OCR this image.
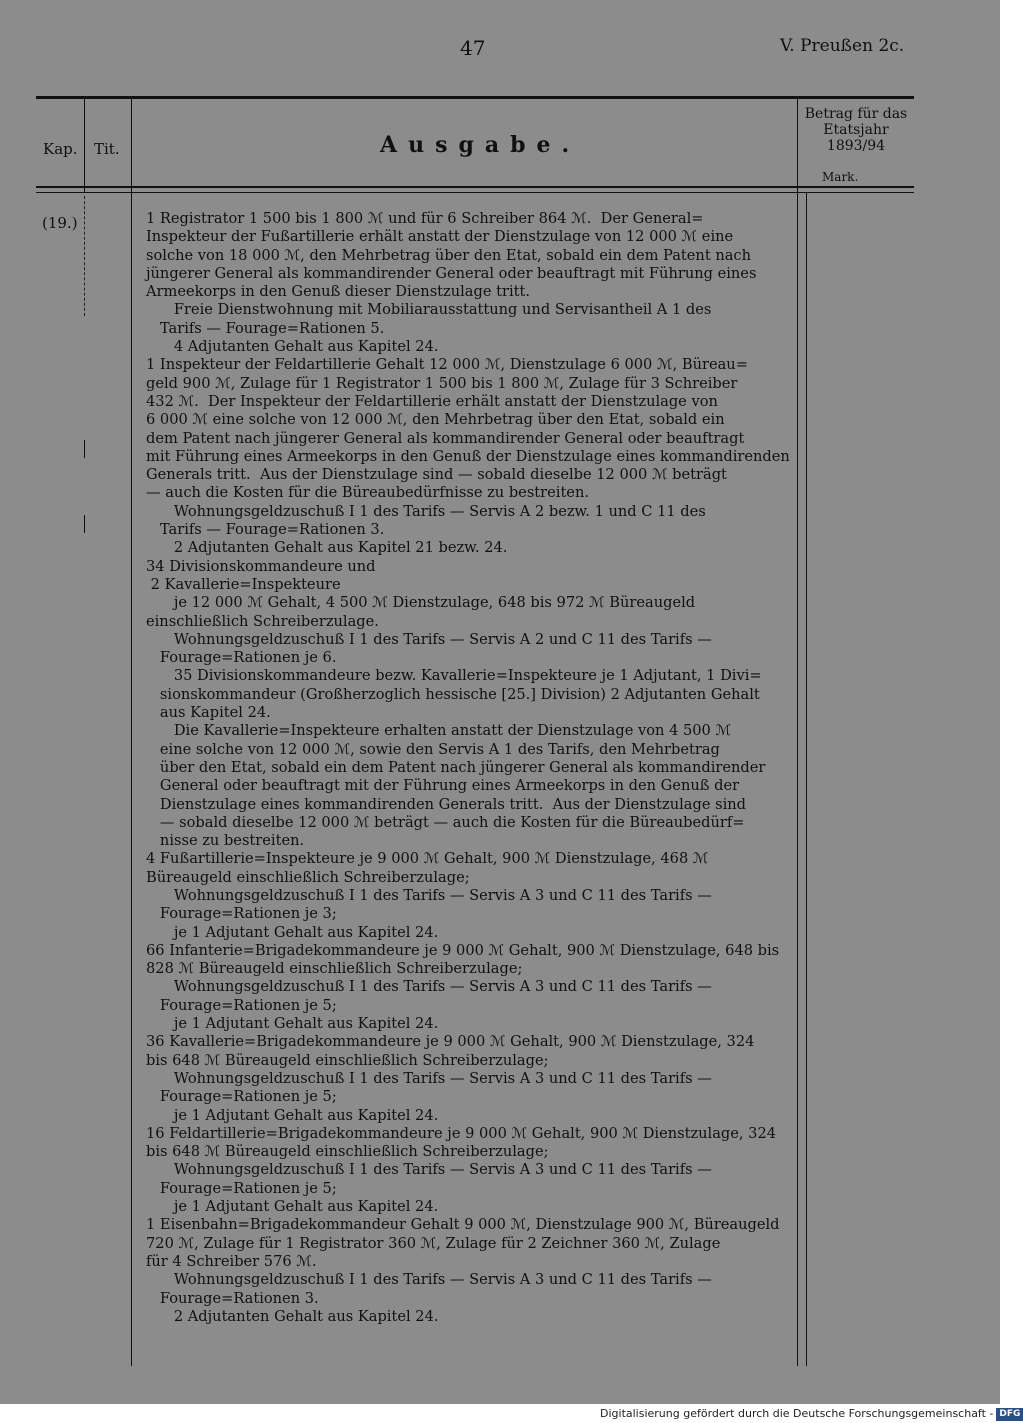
47	V. Preußen 2c.
Kap. Tit.	Ausgabe.
Betrag für das Etatsjahr 1893/94
Mark.
(19.)	1 Registrator 1 500 bis 1 800 ℳ und für 6 Schreiber 864 ℳ.  Der General=
Inspekteur der Fußartillerie erhält anstatt der Dienstzulage von 12 000 ℳ eine
solche von 18 000 ℳ, den Mehrbetrag über den Etat, sobald ein dem Patent nach
jüngerer General als kommandirender General oder beauftragt mit Führung eines
Armeekorps in den Genuß dieser Dienstzulage tritt.
Freie Dienstwohnung mit Mobiliarausstattung und Servisantheil A 1 des
Tarifs — Fourage=Rationen 5.
4 Adjutanten Gehalt aus Kapitel 24.
1 Inspekteur der Feldartillerie Gehalt 12 000 ℳ, Dienstzulage 6 000 ℳ, Büreau=
geld 900 ℳ, Zulage für 1 Registrator 1 500 bis 1 800 ℳ, Zulage für 3 Schreiber
432 ℳ.  Der Inspekteur der Feldartillerie erhält anstatt der Dienstzulage von
6 000 ℳ eine solche von 12 000 ℳ, den Mehrbetrag über den Etat, sobald ein
dem Patent nach jüngerer General als kommandirender General oder beauftragt
mit Führung eines Armeekorps in den Genuß der Dienstzulage eines kommandirenden
Generals tritt.  Aus der Dienstzulage sind — sobald dieselbe 12 000 ℳ beträgt
— auch die Kosten für die Büreaubedürfnisse zu bestreiten.
Wohnungsgeldzuschuß I 1 des Tarifs — Servis A 2 bezw. 1 und C 11 des
Tarifs — Fourage=Rationen 3.
2 Adjutanten Gehalt aus Kapitel 21 bezw. 24.
34 Divisionskommandeure und
2 Kavallerie=Inspekteure
je 12 000 ℳ Gehalt, 4 500 ℳ Dienstzulage, 648 bis 972 ℳ Büreaugeld
einschließlich Schreiberzulage.
Wohnungsgeldzuschuß I 1 des Tarifs — Servis A 2 und C 11 des Tarifs —
Fourage=Rationen je 6.
35 Divisionskommandeure bezw. Kavallerie=Inspekteure je 1 Adjutant, 1 Divi=
sionskommandeur (Großherzoglich hessische [25.] Division) 2 Adjutanten Gehalt
aus Kapitel 24.
Die Kavallerie=Inspekteure erhalten anstatt der Dienstzulage von 4 500 ℳ
eine solche von 12 000 ℳ, sowie den Servis A 1 des Tarifs, den Mehrbetrag
über den Etat, sobald ein dem Patent nach jüngerer General als kommandirender
General oder beauftragt mit der Führung eines Armeekorps in den Genuß der
Dienstzulage eines kommandirenden Generals tritt.  Aus der Dienstzulage sind
— sobald dieselbe 12 000 ℳ beträgt — auch die Kosten für die Büreaubedürf=
nisse zu bestreiten.
4 Fußartillerie=Inspekteure je 9 000 ℳ Gehalt, 900 ℳ Dienstzulage, 468 ℳ
Büreaugeld einschließlich Schreiberzulage;
Wohnungsgeldzuschuß I 1 des Tarifs — Servis A 3 und C 11 des Tarifs —
Fourage=Rationen je 3;
je 1 Adjutant Gehalt aus Kapitel 24.
66 Infanterie=Brigadekommandeure je 9 000 ℳ Gehalt, 900 ℳ Dienstzulage, 648 bis
828 ℳ Büreaugeld einschließlich Schreiberzulage;
Wohnungsgeldzuschuß I 1 des Tarifs — Servis A 3 und C 11 des Tarifs —
Fourage=Rationen je 5;
je 1 Adjutant Gehalt aus Kapitel 24.
36 Kavallerie=Brigadekommandeure je 9 000 ℳ Gehalt, 900 ℳ Dienstzulage, 324
bis 648 ℳ Büreaugeld einschließlich Schreiberzulage;
Wohnungsgeldzuschuß I 1 des Tarifs — Servis A 3 und C 11 des Tarifs —
Fourage=Rationen je 5;
je 1 Adjutant Gehalt aus Kapitel 24.
16 Feldartillerie=Brigadekommandeure je 9 000 ℳ Gehalt, 900 ℳ Dienstzulage, 324
bis 648 ℳ Büreaugeld einschließlich Schreiberzulage;
Wohnungsgeldzuschuß I 1 des Tarifs — Servis A 3 und C 11 des Tarifs —
Fourage=Rationen je 5;
je 1 Adjutant Gehalt aus Kapitel 24.
1 Eisenbahn=Brigadekommandeur Gehalt 9 000 ℳ, Dienstzulage 900 ℳ, Büreaugeld
720 ℳ, Zulage für 1 Registrator 360 ℳ, Zulage für 2 Zeichner 360 ℳ, Zulage
für 4 Schreiber 576 ℳ.
Wohnungsgeldzuschuß I 1 des Tarifs — Servis A 3 und C 11 des Tarifs —
Fourage=Rationen 3.
2 Adjutanten Gehalt aus Kapitel 24.
Digitalisierung gefördert durch die Deutsche Forschungsgemeinschaft - DFG
